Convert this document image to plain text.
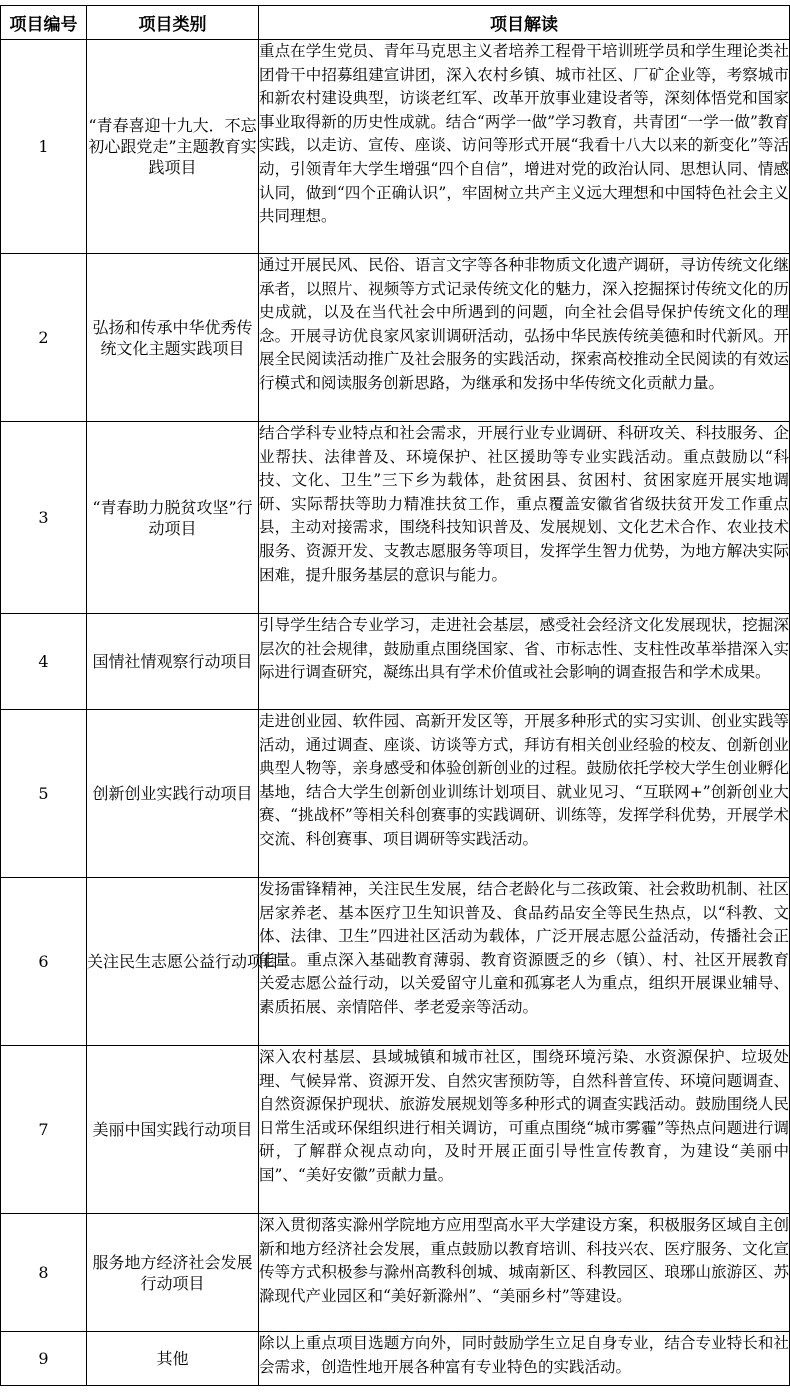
项目编号	项目类别	项目解读
1	“青春喜迎十九大．不忘初心跟党走”主题教育实践项目	重点在学生党员、青年马克思主义者培养工程骨干培训班学员和学生理论类社团骨干中招募组建宣讲团，深入农村乡镇、城市社区、厂矿企业等，考察城市和新农村建设典型，访谈老红军、改革开放事业建设者等，深刻体悟党和国家事业取得新的历史性成就。结合“两学一做”学习教育，共青团“一学一做”教育实践，以走访、宣传、座谈、访问等形式开展“我看十八大以来的新变化”等活动，引领青年大学生增强“四个自信”，增进对党的政治认同、思想认同、情感认同，做到“四个正确认识”，牢固树立共产主义远大理想和中国特色社会主义共同理想。
2	弘扬和传承中华优秀传统文化主题实践项目	通过开展民风、民俗、语言文字等各种非物质文化遗产调研，寻访传统文化继承者，以照片、视频等方式记录传统文化的魅力，深入挖掘探讨传统文化的历史成就，以及在当代社会中所遇到的问题，向全社会倡导保护传统文化的理念。开展寻访优良家风家训调研活动，弘扬中华民族传统美德和时代新风。开展全民阅读活动推广及社会服务的实践活动，探索高校推动全民阅读的有效运行模式和阅读服务创新思路，为继承和发扬中华传统文化贡献力量。
3	“青春助力脱贫攻坚”行动项目	结合学科专业特点和社会需求，开展行业专业调研、科研攻关、科技服务、企业帮扶、法律普及、环境保护、社区援助等专业实践活动。重点鼓励以“科技、文化、卫生”三下乡为载体，赴贫困县、贫困村、贫困家庭开展实地调研、实际帮扶等助力精准扶贫工作，重点覆盖安徽省省级扶贫开发工作重点县，主动对接需求，围绕科技知识普及、发展规划、文化艺术合作、农业技术服务、资源开发、支教志愿服务等项目，发挥学生智力优势，为地方解决实际困难，提升服务基层的意识与能力。
4	国情社情观察行动项目	引导学生结合专业学习，走进社会基层，感受社会经济文化发展现状，挖掘深层次的社会规律，鼓励重点围绕国家、省、市标志性、支柱性改革举措深入实际进行调查研究，凝练出具有学术价值或社会影响的调查报告和学术成果。
5	创新创业实践行动项目	走进创业园、软件园、高新开发区等，开展多种形式的实习实训、创业实践等活动，通过调查、座谈、访谈等方式，拜访有相关创业经验的校友、创新创业典型人物等，亲身感受和体验创新创业的过程。鼓励依托学校大学生创业孵化基地，结合大学生创新创业训练计划项目、就业见习、“互联网+”创新创业大赛、“挑战杯”等相关科创赛事的实践调研、训练等，发挥学科优势，开展学术交流、科创赛事、项目调研等实践活动。
6	关注民生志愿公益行动项目	发扬雷锋精神，关注民生发展，结合老龄化与二孩政策、社会救助机制、社区居家养老、基本医疗卫生知识普及、食品药品安全等民生热点，以“科教、文体、法律、卫生”四进社区活动为载体，广泛开展志愿公益活动，传播社会正能量。重点深入基础教育薄弱、教育资源匮乏的乡（镇）、村、社区开展教育关爱志愿公益行动，以关爱留守儿童和孤寡老人为重点，组织开展课业辅导、素质拓展、亲情陪伴、孝老爱亲等活动。
7	美丽中国实践行动项目	深入农村基层、县域城镇和城市社区，围绕环境污染、水资源保护、垃圾处理、气候异常、资源开发、自然灾害预防等，自然科普宣传、环境问题调查、自然资源保护现状、旅游发展规划等多种形式的调查实践活动。鼓励围绕人民日常生活或环保组织进行相关调访，可重点围绕“城市雾霾”等热点问题进行调研，了解群众视点动向，及时开展正面引导性宣传教育，为建设“美丽中国”、“美好安徽”贡献力量。
8	服务地方经济社会发展行动项目	深入贯彻落实滁州学院地方应用型高水平大学建设方案，积极服务区域自主创新和地方经济社会发展，重点鼓励以教育培训、科技兴农、医疗服务、文化宣传等方式积极参与滁州高教科创城、城南新区、科教园区、琅琊山旅游区、苏滁现代产业园区和“美好新滁州”、“美丽乡村”等建设。
9	其他	除以上重点项目选题方向外，同时鼓励学生立足自身专业，结合专业特长和社会需求，创造性地开展各种富有专业特色的实践活动。
